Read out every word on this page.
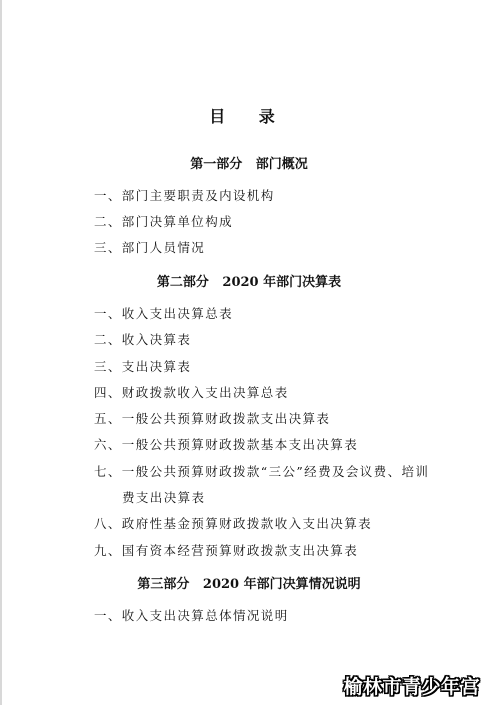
目 录
第一部分   部门概况
一、部门主要职责及内设机构
二、部门决算单位构成
三、部门人员情况
第二部分   2020 年部门决算表
一、收入支出决算总表
二、收入决算表
三、支出决算表
四、财政拨款收入支出决算总表
五、一般公共预算财政拨款支出决算表
六、一般公共预算财政拨款基本支出决算表
七、一般公共预算财政拨款“三公”经费及会议费、培训
费支出决算表
八、政府性基金预算财政拨款收入支出决算表
九、国有资本经营预算财政拨款支出决算表
第三部分   2020 年部门决算情况说明
一、收入支出决算总体情况说明
榆林市青少年宫
